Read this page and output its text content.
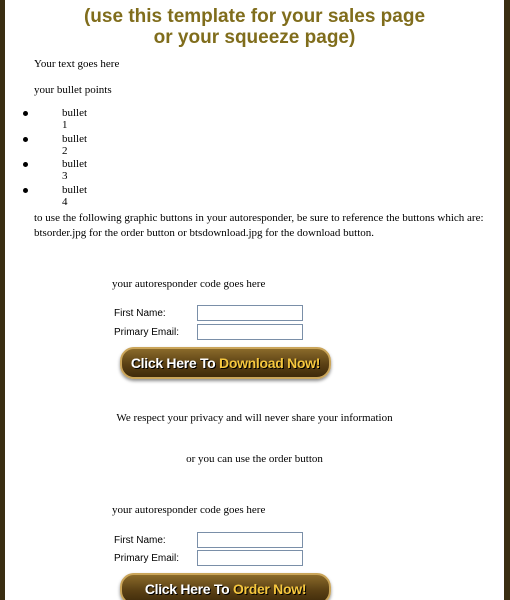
(use this template for your sales page
or your squeeze page)
Your text goes here
your bullet points
bullet 1
bullet 2
bullet 3
bullet 4
to use the following graphic buttons in your autoresponder, be sure to reference the buttons which are: btsorder.jpg for the order button or btsdownload.jpg for the download button.
your autoresponder code goes here
First Name:
Primary Email:
Click Here To Download Now!
We respect your privacy and will never share your information
or you can use the order button
your autoresponder code goes here
First Name:
Primary Email:
Click Here To Order Now!
